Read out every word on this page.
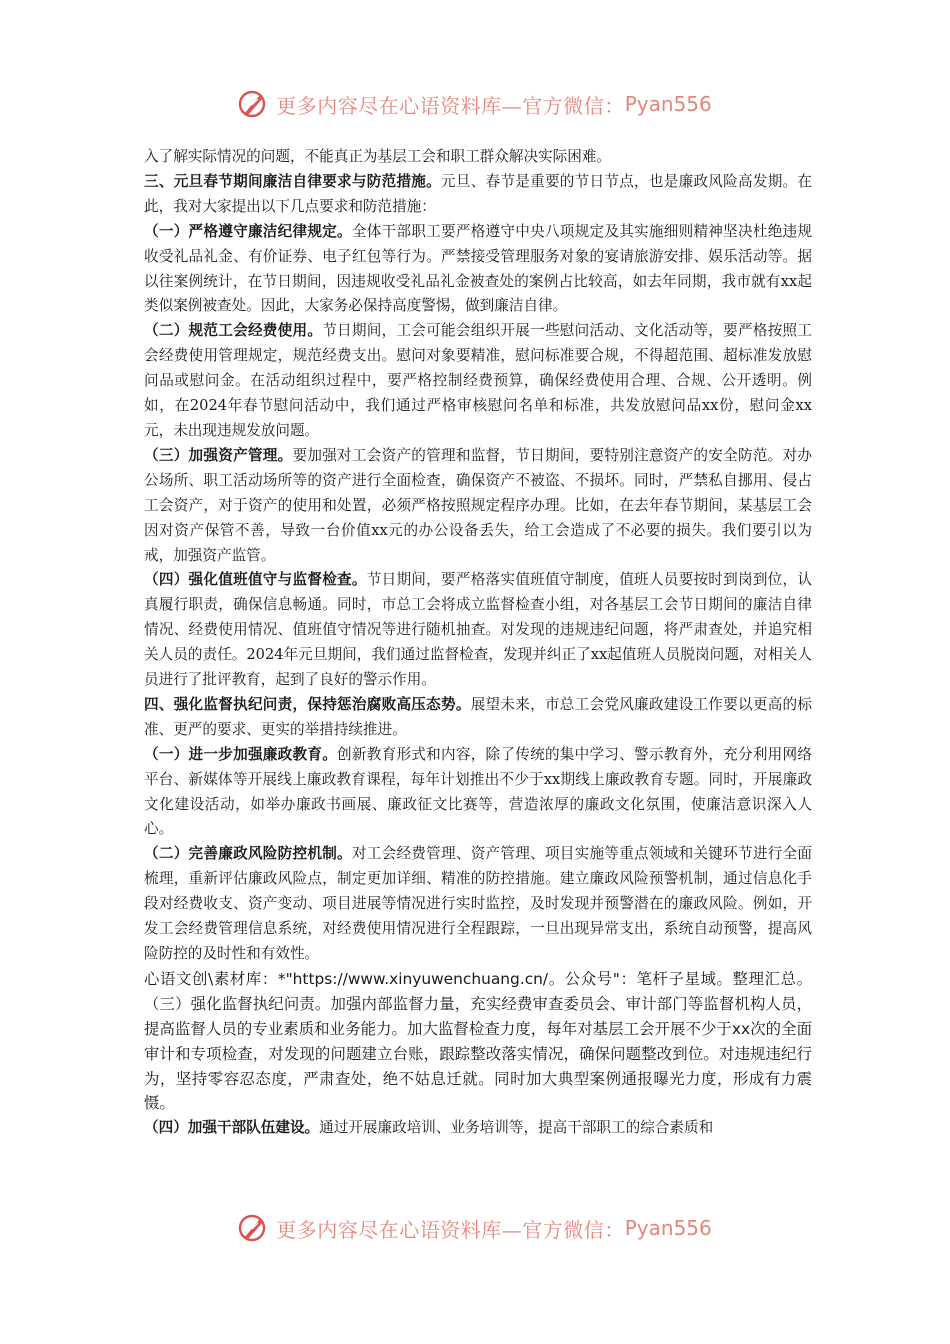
更多内容尽在心语资料库—官方微信： Pyan556

入了解实际情况的问题，不能真正为基层工会和职工群众解决实际困难。

三、元旦春节期间廉洁自律要求与防范措施。元旦、春节是重要的节日节点，也是廉政风险高发期。在此，我对大家提出以下几点要求和防范措施：

（一）严格遵守廉洁纪律规定。全体干部职工要严格遵守中央八项规定及其实施细则精神坚决杜绝违规收受礼品礼金、有价证券、电子红包等行为。严禁接受管理服务对象的宴请旅游安排、娱乐活动等。据以往案例统计，在节日期间，因违规收受礼品礼金被查处的案例占比较高，如去年同期，我市就有xx起类似案例被查处。因此，大家务必保持高度警惕，做到廉洁自律。

（二）规范工会经费使用。节日期间，工会可能会组织开展一些慰问活动、文化活动等，要严格按照工会经费使用管理规定，规范经费支出。慰问对象要精准，慰问标准要合规，不得超范围、超标准发放慰问品或慰问金。在活动组织过程中，要严格控制经费预算，确保经费使用合理、合规、公开透明。例如，在2024年春节慰问活动中，我们通过严格审核慰问名单和标准，共发放慰问品xx份，慰问金xx元，未出现违规发放问题。

（三）加强资产管理。要加强对工会资产的管理和监督，节日期间，要特别注意资产的安全防范。对办公场所、职工活动场所等的资产进行全面检查，确保资产不被盗、不损坏。同时，严禁私自挪用、侵占工会资产，对于资产的使用和处置，必须严格按照规定程序办理。比如，在去年春节期间，某基层工会因对资产保管不善，导致一台价值xx元的办公设备丢失，给工会造成了不必要的损失。我们要引以为戒，加强资产监管。

（四）强化值班值守与监督检查。节日期间，要严格落实值班值守制度，值班人员要按时到岗到位，认真履行职责，确保信息畅通。同时，市总工会将成立监督检查小组，对各基层工会节日期间的廉洁自律情况、经费使用情况、值班值守情况等进行随机抽查。对发现的违规违纪问题，将严肃查处，并追究相关人员的责任。2024年元旦期间，我们通过监督检查，发现并纠正了xx起值班人员脱岗问题，对相关人员进行了批评教育，起到了良好的警示作用。

四、强化监督执纪问责，保持惩治腐败高压态势。展望未来，市总工会党风廉政建设工作要以更高的标准、更严的要求、更实的举措持续推进。

（一）进一步加强廉政教育。创新教育形式和内容，除了传统的集中学习、警示教育外，充分利用网络平台、新媒体等开展线上廉政教育课程，每年计划推出不少于xx期线上廉政教育专题。同时，开展廉政文化建设活动，如举办廉政书画展、廉政征文比赛等，营造浓厚的廉政文化氛围，使廉洁意识深入人心。

（二）完善廉政风险防控机制。对工会经费管理、资产管理、项目实施等重点领域和关键环节进行全面梳理，重新评估廉政风险点，制定更加详细、精准的防控措施。建立廉政风险预警机制，通过信息化手段对经费收支、资产变动、项目进展等情况进行实时监控，及时发现并预警潜在的廉政风险。例如，开发工会经费管理信息系统，对经费使用情况进行全程跟踪，一旦出现异常支出，系统自动预警，提高风险防控的及时性和有效性。

心语文创\素材库：*"https://www.xinyuwenchuang.cn/。公众号"：笔杆子星域。整理汇总。（三）强化监督执纪问责。加强内部监督力量，充实经费审查委员会、审计部门等监督机构人员，提高监督人员的专业素质和业务能力。加大监督检查力度，每年对基层工会开展不少于xx次的全面审计和专项检查，对发现的问题建立台账，跟踪整改落实情况，确保问题整改到位。对违规违纪行为，坚持零容忍态度，严肃查处，绝不姑息迁就。同时加大典型案例通报曝光力度，形成有力震慑。

（四）加强干部队伍建设。通过开展廉政培训、业务培训等，提高干部职工的综合素质和

更多内容尽在心语资料库—官方微信： Pyan556
